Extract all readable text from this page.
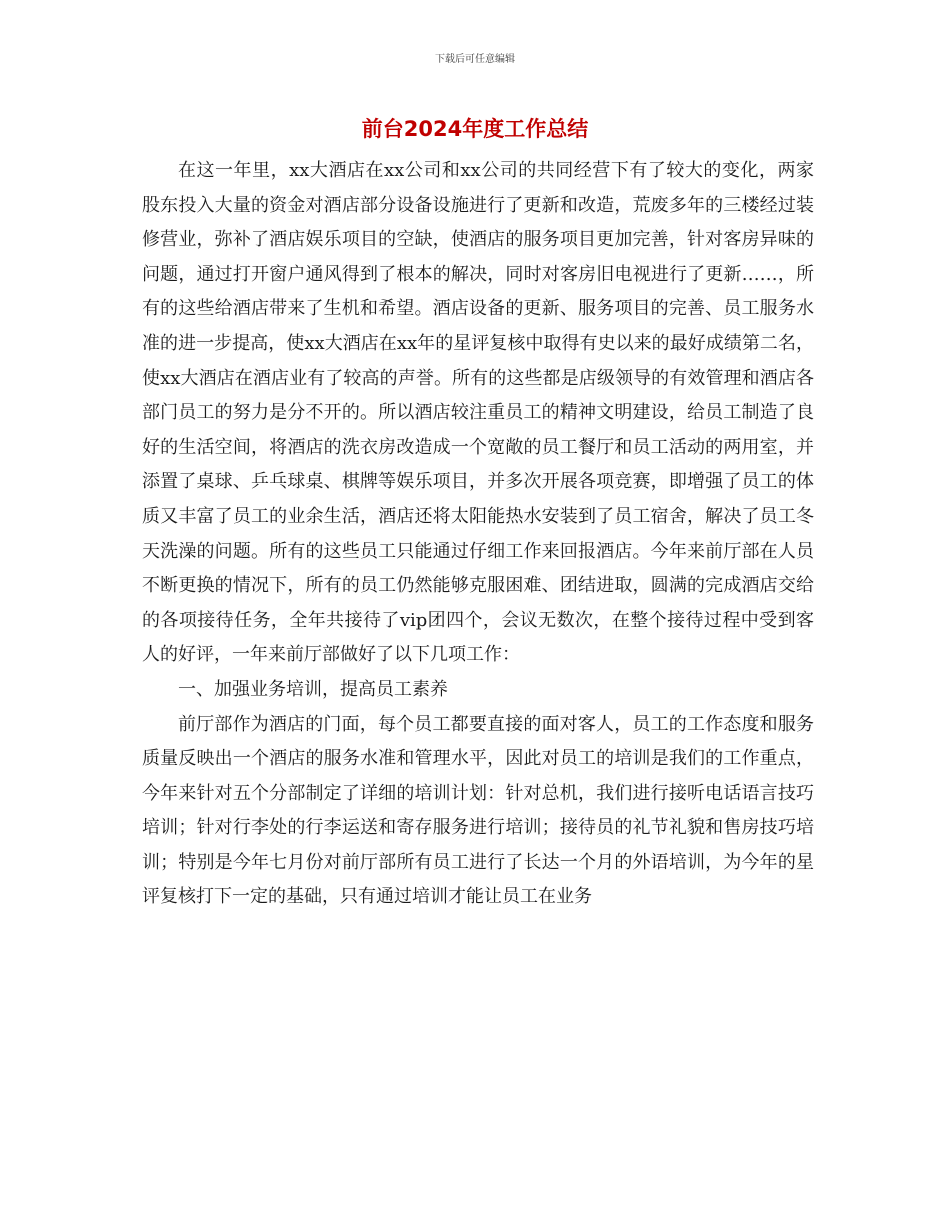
下载后可任意编辑
前台2024年度工作总结

在这一年里，xx大酒店在xx公司和xx公司的共同经营下有了较大的变化，两家股东投入大量的资金对酒店部分设备设施进行了更新和改造，荒废多年的三楼经过装修营业，弥补了酒店娱乐项目的空缺，使酒店的服务项目更加完善，针对客房异味的问题，通过打开窗户通风得到了根本的解决，同时对客房旧电视进行了更新……，所有的这些给酒店带来了生机和希望。酒店设备的更新、服务项目的完善、员工服务水准的进一步提高，使xx大酒店在xx年的星评复核中取得有史以来的最好成绩第二名，使xx大酒店在酒店业有了较高的声誉。所有的这些都是店级领导的有效管理和酒店各部门员工的努力是分不开的。所以酒店较注重员工的精神文明建设，给员工制造了良好的生活空间，将酒店的洗衣房改造成一个宽敞的员工餐厅和员工活动的两用室，并添置了桌球、乒乓球桌、棋牌等娱乐项目，并多次开展各项竞赛，即增强了员工的体质又丰富了员工的业余生活，酒店还将太阳能热水安装到了员工宿舍，解决了员工冬天洗澡的问题。所有的这些员工只能通过仔细工作来回报酒店。今年来前厅部在人员不断更换的情况下，所有的员工仍然能够克服困难、团结进取，圆满的完成酒店交给的各项接待任务，全年共接待了vip团四个，会议无数次，在整个接待过程中受到客人的好评，一年来前厅部做好了以下几项工作：

一、加强业务培训，提高员工素养

前厅部作为酒店的门面，每个员工都要直接的面对客人，员工的工作态度和服务质量反映出一个酒店的服务水准和管理水平，因此对员工的培训是我们的工作重点，今年来针对五个分部制定了详细的培训计划：针对总机，我们进行接听电话语言技巧培训；针对行李处的行李运送和寄存服务进行培训；接待员的礼节礼貌和售房技巧培训；特别是今年七月份对前厅部所有员工进行了长达一个月的外语培训，为今年的星评复核打下一定的基础，只有通过培训才能让员工在业务
